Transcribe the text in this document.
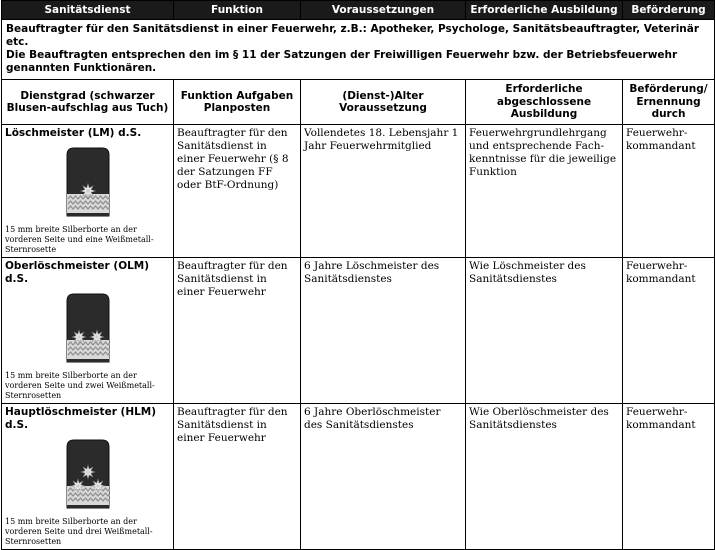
Sanitätsdienst	Funktion	Voraussetzungen	Erforderliche Ausbildung	Beförderung

Beauftragter für den Sanitätsdienst in einer Feuerwehr, z.B.: Apotheker, Psychologe, Sanitätsbeauftragter, Veterinär etc.
Die Beauftragten entsprechen den im § 11 der Satzungen der Freiwilligen Feuerwehr bzw. der Betriebsfeuerwehr genannten Funktionären.				

Dienstgrad (schwarzer Blusen-aufschlag aus Tuch)	Funktion Aufgaben Planposten	(Dienst-)Alter Voraussetzung	Erforderliche abgeschlossene Ausbildung	Beförderung/ Ernennung durch

Löschmeister (LM) d.S.
15 mm breite Silberborte an der vorderen Seite und eine Weißmetall-Sternrosette	Beauftragter für den Sanitätsdienst in einer Feuerwehr (§ 8 der Satzungen FF oder BtF-Ordnung)	Vollendetes 18. Lebensjahr 1 Jahr Feuerwehrmitglied	Feuerwehrgrundlehrgang und entsprechende Fach-kenntnisse für die jeweilige Funktion	Feuerwehr-kommandant

Oberlöschmeister (OLM) d.S.
15 mm breite Silberborte an der vorderen Seite und zwei Weißmetall-Sternrosetten	Beauftragter für den Sanitätsdienst in einer Feuerwehr	6 Jahre Löschmeister des Sanitätsdienstes	Wie Löschmeister des Sanitätsdienstes	Feuerwehr-kommandant

Hauptlöschmeister (HLM) d.S.
15 mm breite Silberborte an der vorderen Seite und drei Weißmetall-Sternrosetten	Beauftragter für den Sanitätsdienst in einer Feuerwehr	6 Jahre Oberlöschmeister des Sanitätsdienstes	Wie Oberlöschmeister des Sanitätsdienstes	Feuerwehr-kommandant
